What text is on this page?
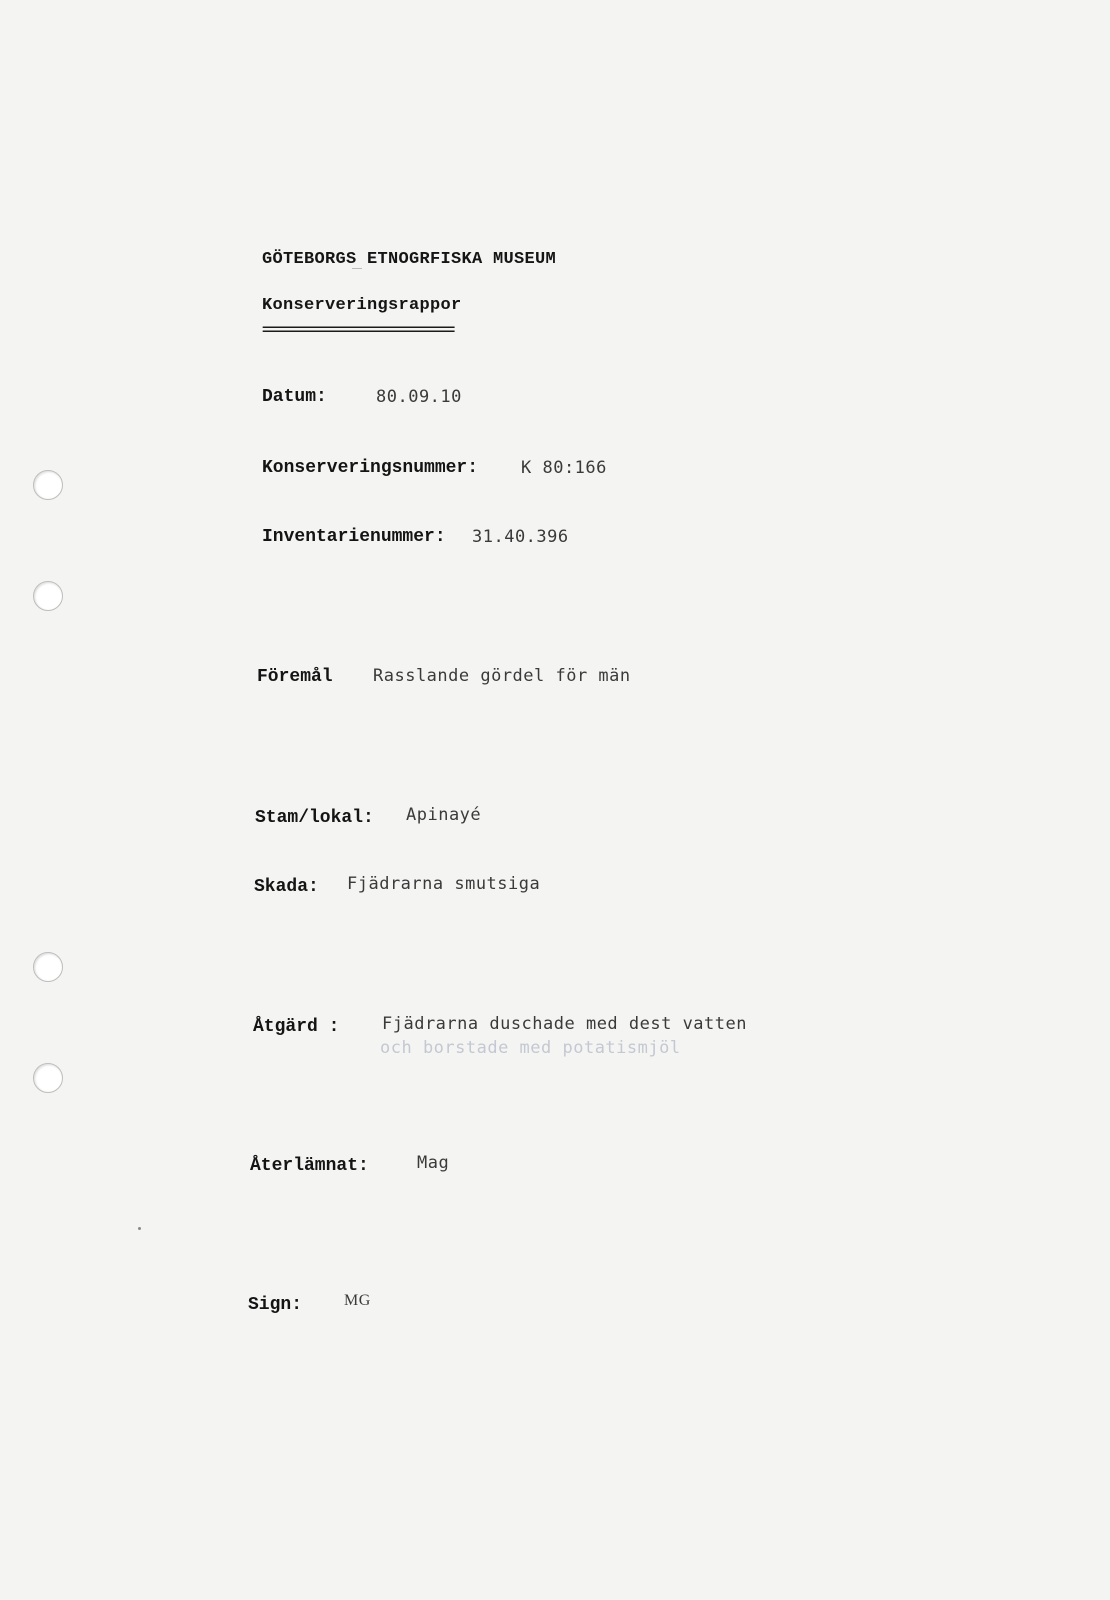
GÖTEBORGS ETNOGRFISKA MUSEUM

Konserveringsrappor

=============================

Datum:	80.09.10

Konserveringsnummer:	K 80:166

Inventarienummer: 31.40.396

Föremål Rasslande gördel för män

Stam/lokal: Apinayé

Skada: Fjädrarna smutsiga

Åtgärd :	Fjädrarna duschade med dest vatten

och borstade med potatismjöl

Återlämnat:	Mag

Sign:	MG
